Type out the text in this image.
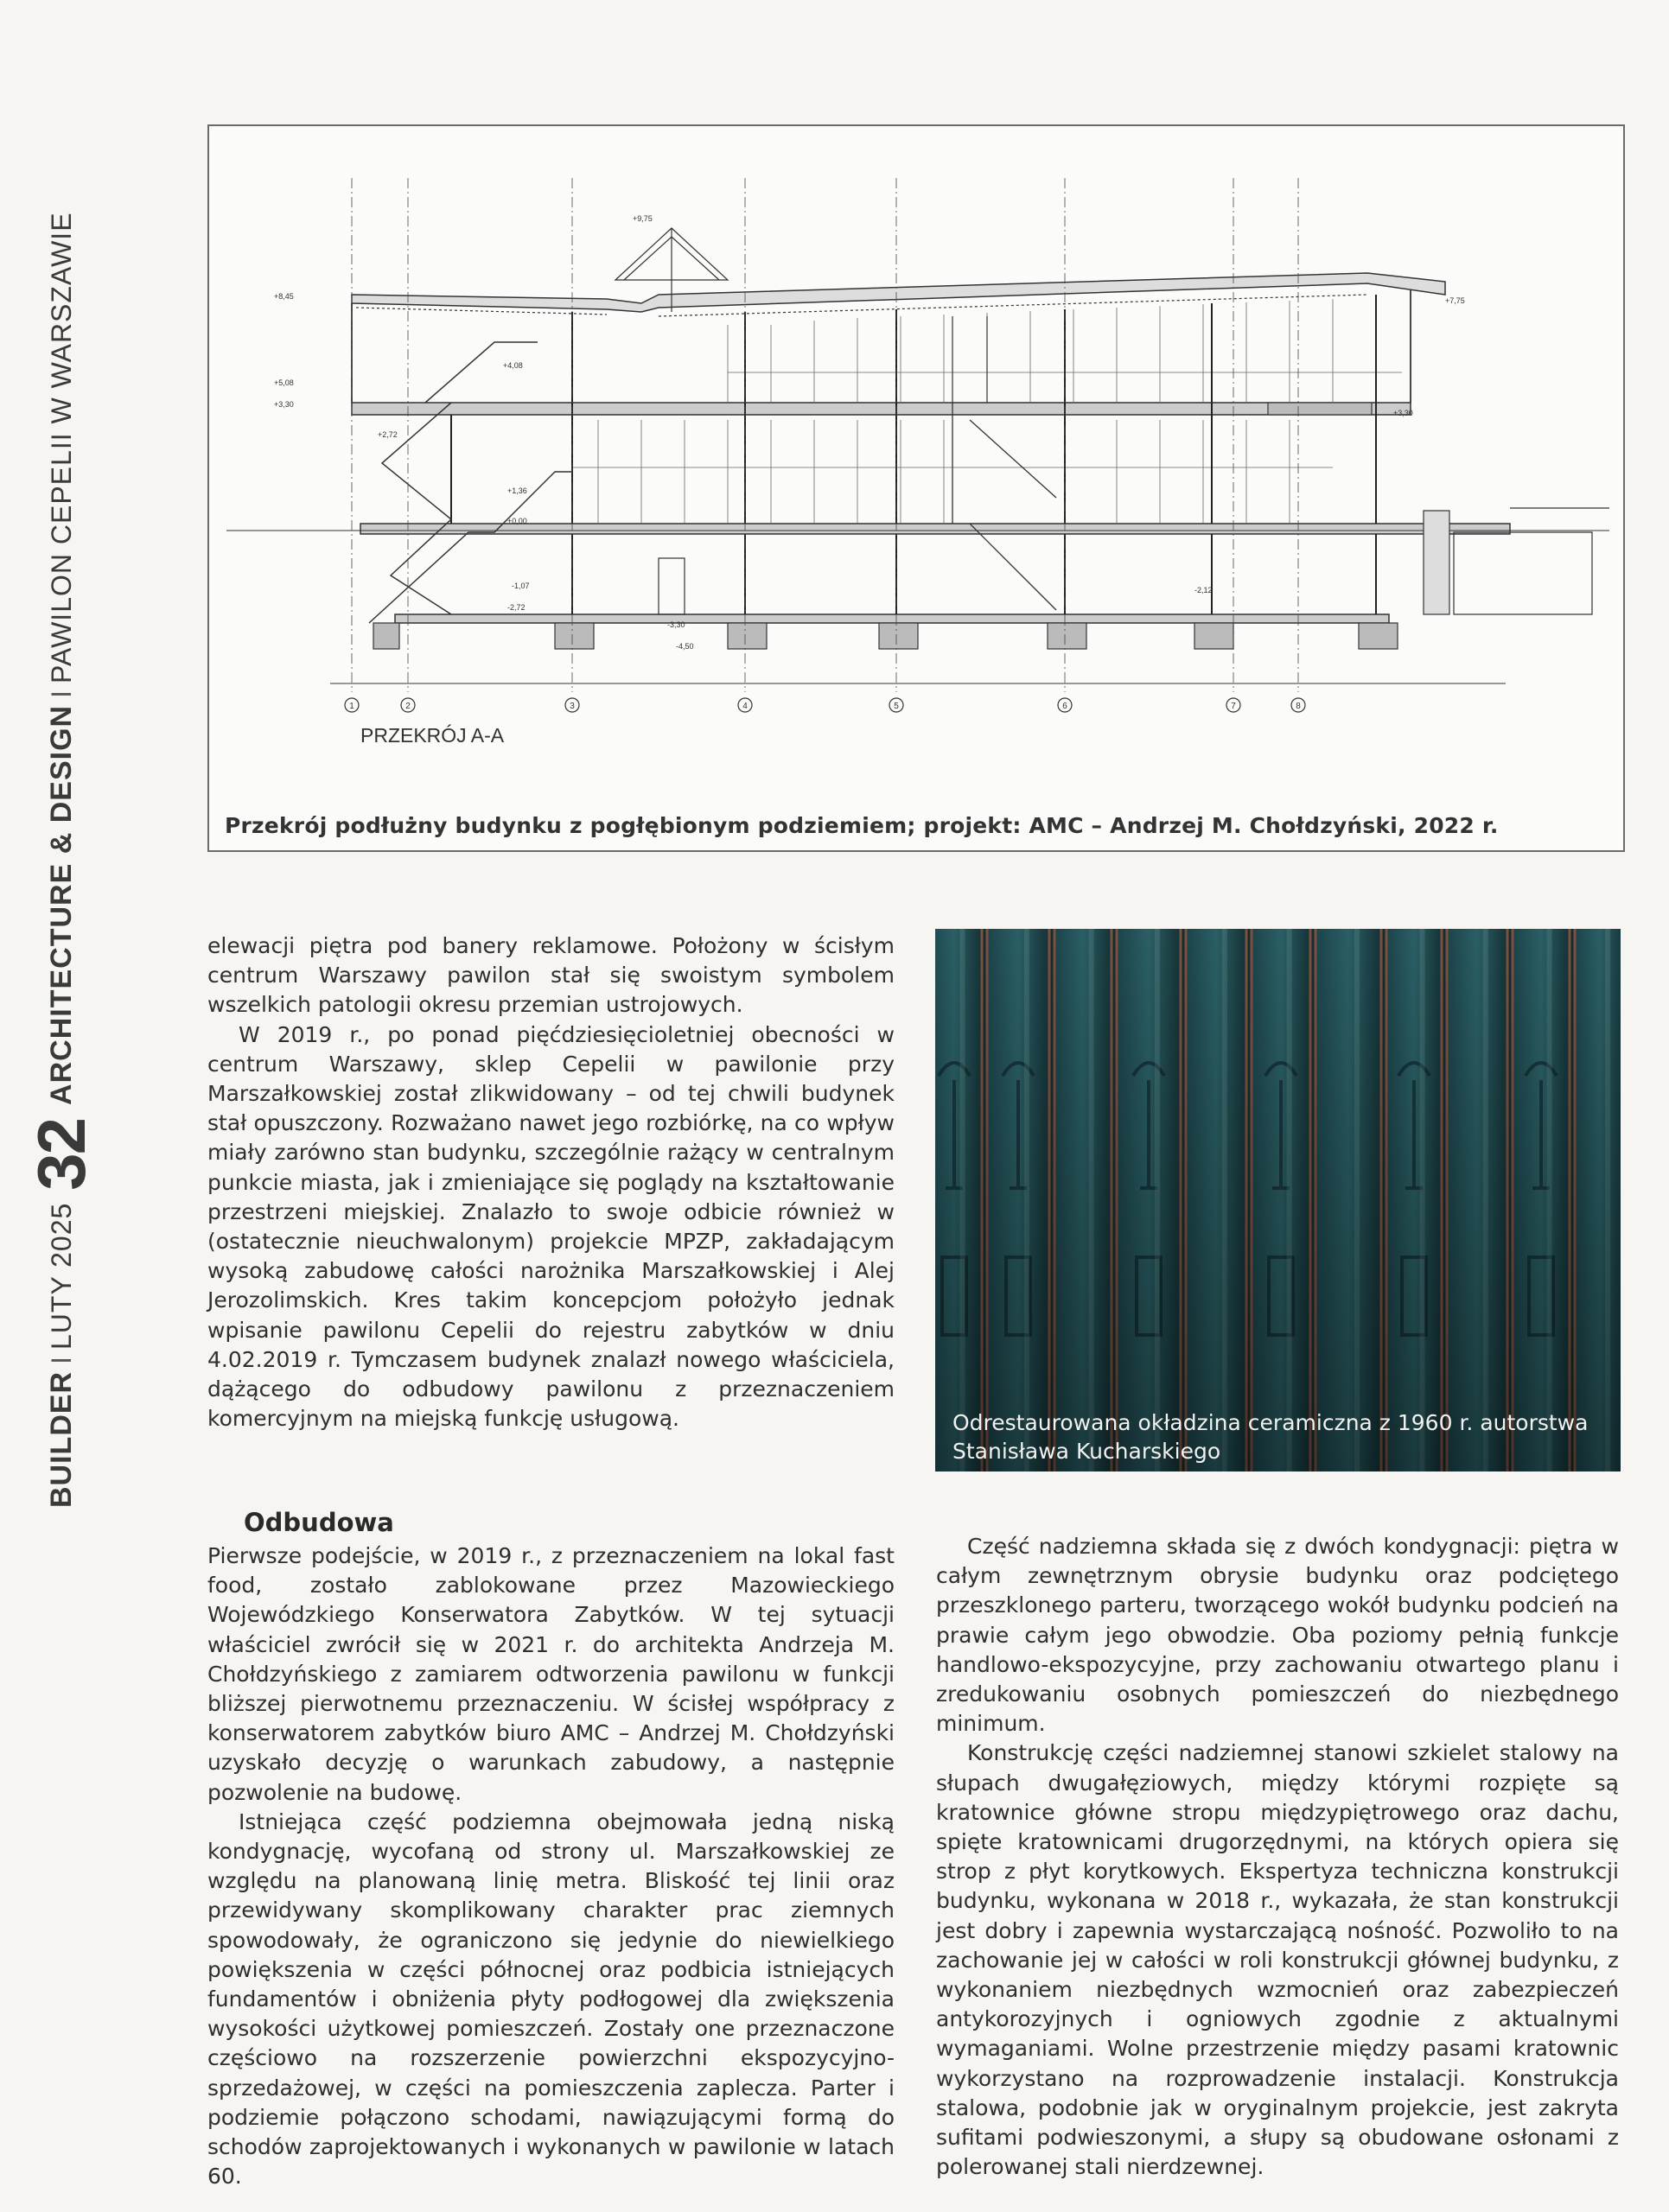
BUILDER
I
LUTY 2025
32
ARCHITECTURE & DESIGN
I
PAWILON CEPELII W WARSZAWIE	+9,75
+8,45
+5,08
+3,30
+4,08
+2,72
+1,36
+0,00
-1,07
-2,72
-3,30
-4,50
+7,75
+3,30
-2,12
1	2	3	4	5	6	7	8
PRZEKRÓJ A-A
Przekrój podłużny budynku z pogłębionym podziemiem; projekt: AMC – Andrzej M. Chołdzyński, 2022 r.

elewacji piętra pod banery reklamowe. Położony w ścisłym centrum Warszawy pawilon stał się swoistym symbolem wszelkich patologii okresu przemian ustrojowych.

W 2019 r., po ponad pięćdziesięcioletniej obecności w centrum Warszawy, sklep Cepelii w pawilonie przy Marszałkowskiej został zlikwidowany – od tej chwili budynek stał opuszczony. Rozważano nawet jego rozbiórkę, na co wpływ miały zarówno stan budynku, szczególnie rażący w centralnym punkcie miasta, jak i zmieniające się poglądy na kształtowanie przestrzeni miejskiej. Znalazło to swoje odbicie również w (ostatecznie nieuchwalonym) projekcie MPZP, zakładającym wysoką zabudowę całości narożnika Marszałkowskiej i Alej Jerozolimskich. Kres takim koncepcjom położyło jednak wpisanie pawilonu Cepelii do rejestru zabytków w dniu 4.02.2019 r. Tymczasem budynek znalazł nowego właściciela, dążącego do odbudowy pawilonu z przeznaczeniem komercyjnym na miejską funkcję usługową.	Odrestaurowana okładzina ceramiczna z 1960 r. autorstwa
Stanisława Kucharskiego
Odbudowa

Pierwsze podejście, w 2019 r., z przeznaczeniem na lokal fast food, zostało zablokowane przez Mazowieckiego Wojewódzkiego Konserwatora Zabytków. W tej sytuacji właściciel zwrócił się w 2021 r. do architekta Andrzeja M. Chołdzyńskiego z zamiarem odtworzenia pawilonu w funkcji bliższej pierwotnemu przeznaczeniu. W ścisłej współpracy z konserwatorem zabytków biuro AMC – Andrzej M. Chołdzyński uzyskało decyzję o warunkach zabudowy, a następnie pozwolenie na budowę.

Istniejąca część podziemna obejmowała jedną niską kondygnację, wycofaną od strony ul. Marszałkowskiej ze względu na planowaną linię metra. Bliskość tej linii oraz przewidywany skomplikowany charakter prac ziemnych spowodowały, że ograniczono się jedynie do niewielkiego powiększenia w części północnej oraz podbicia istniejących fundamentów i obniżenia płyty podłogowej dla zwiększenia wysokości użytkowej pomieszczeń. Zostały one przeznaczone częściowo na rozszerzenie powierzchni ekspozycyjno-sprzedażowej, w części na pomieszczenia zaplecza. Parter i podziemie połączono schodami, nawiązującymi formą do schodów zaprojektowanych i wykonanych w pawilonie w latach 60.

Część nadziemna składa się z dwóch kondygnacji: piętra w całym zewnętrznym obrysie budynku oraz podciętego przeszklonego parteru, tworzącego wokół budynku podcień na prawie całym jego obwodzie. Oba poziomy pełnią funkcje handlowo-ekspozycyjne, przy zachowaniu otwartego planu i zredukowaniu osobnych pomieszczeń do niezbędnego minimum.

Konstrukcję części nadziemnej stanowi szkielet stalowy na słupach dwugałęziowych, między którymi rozpięte są kratownice główne stropu międzypiętrowego oraz dachu, spięte kratownicami drugorzędnymi, na których opiera się strop z płyt korytkowych. Ekspertyza techniczna konstrukcji budynku, wykonana w 2018 r., wykazała, że stan konstrukcji jest dobry i zapewnia wystarczającą nośność. Pozwoliło to na zachowanie jej w całości w roli konstrukcji głównej budynku, z wykonaniem niezbędnych wzmocnień oraz zabezpieczeń antykorozyjnych i ogniowych zgodnie z aktualnymi wymaganiami. Wolne przestrzenie między pasami kratownic wykorzystano na rozprowadzenie instalacji. Konstrukcja stalowa, podobnie jak w oryginalnym projekcie, jest zakryta sufitami podwieszonymi, a słupy są obudowane osłonami z polerowanej stali nierdzewnej.
